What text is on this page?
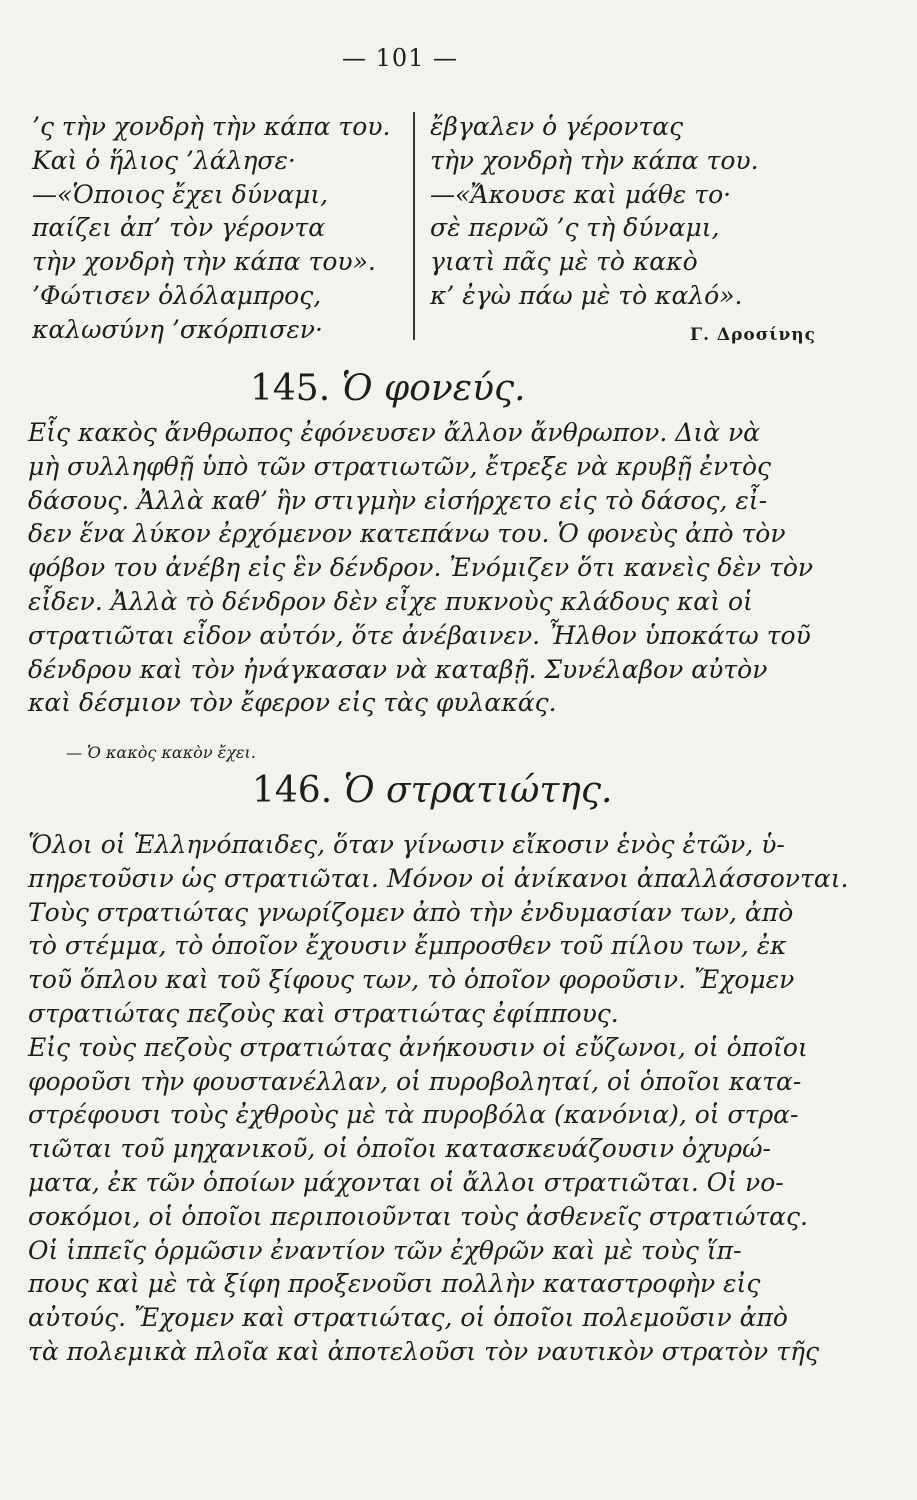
— 101 —
’ς τὴν χονδρὴ τὴν κάπα του.
Καὶ ὁ ἥλιος ’λάλησε·
—«Ὁποιος ἔχει δύναμι,
παίζει ἀπ’ τὸν γέροντα
τὴν χονδρὴ τὴν κάπα του».
’Φώτισεν ὁλόλαμπρος,
καλωσύνη ’σκόρπισεν·
ἔβγαλεν ὁ γέροντας
τὴν χονδρὴ τὴν κάπα του.
—«Ἄκουσε καὶ μάθε το·
σὲ περνῶ ’ς τὴ δύναμι,
γιατὶ πᾶς μὲ τὸ κακὸ
κ’ ἐγὼ πάω μὲ τὸ καλό».
Γ. Δροσίνης
145. Ὁ φονεύς.
Εἷς κακὸς ἄνθρωπος ἐφόνευσεν ἄλλον ἄνθρωπον. Διὰ νὰ
μὴ συλληφθῇ ὑπὸ τῶν στρατιωτῶν, ἔτρεξε νὰ κρυβῇ ἐντὸς
δάσους. Ἀλλὰ καθ’ ἣν στιγμὴν εἰσήρχετο εἰς τὸ δάσος, εἶ-
δεν ἕνα λύκον ἐρχόμενον κατεπάνω του. Ὁ φονεὺς ἀπὸ τὸν
φόβον του ἀνέβη εἰς ἓν δένδρον. Ἐνόμιζεν ὅτι κανεὶς δὲν τὸν
εἶδεν. Ἀλλὰ τὸ δένδρον δὲν εἶχε πυκνοὺς κλάδους καὶ οἱ
στρατιῶται εἶδον αὐτόν, ὅτε ἀνέβαινεν. Ἦλθον ὑποκάτω τοῦ
δένδρου καὶ τὸν ἠνάγκασαν νὰ καταβῇ. Συνέλαβον αὐτὸν
καὶ δέσμιον τὸν ἔφερον εἰς τὰς φυλακάς.
— Ὁ κακὸς κακὸν ἔχει.
146. Ὁ στρατιώτης.
Ὅλοι οἱ Ἑλληνόπαιδες, ὅταν γίνωσιν εἴκοσιν ἑνὸς ἐτῶν, ὑ-
πηρετοῦσιν ὡς στρατιῶται. Μόνον οἱ ἀνίκανοι ἀπαλλάσσονται.
Τοὺς στρατιώτας γνωρίζομεν ἀπὸ τὴν ἐνδυμασίαν των, ἀπὸ
τὸ στέμμα, τὸ ὁποῖον ἔχουσιν ἔμπροσθεν τοῦ πίλου των, ἐκ
τοῦ ὅπλου καὶ τοῦ ξίφους των, τὸ ὁποῖον φοροῦσιν. Ἔχομεν
στρατιώτας πεζοὺς καὶ στρατιώτας ἐφίππους.
Εἰς τοὺς πεζοὺς στρατιώτας ἀνήκουσιν οἱ εὔζωνοι, οἱ ὁποῖοι
φοροῦσι τὴν φουστανέλλαν, οἱ πυροβοληταί, οἱ ὁποῖοι κατα-
στρέφουσι τοὺς ἐχθροὺς μὲ τὰ πυροβόλα (κανόνια), οἱ στρα-
τιῶται τοῦ μηχανικοῦ, οἱ ὁποῖοι κατασκευάζουσιν ὀχυρώ-
ματα, ἐκ τῶν ὁποίων μάχονται οἱ ἄλλοι στρατιῶται. Οἱ νο-
σοκόμοι, οἱ ὁποῖοι περιποιοῦνται τοὺς ἀσθενεῖς στρατιώτας.
Οἱ ἱππεῖς ὁρμῶσιν ἐναντίον τῶν ἐχθρῶν καὶ μὲ τοὺς ἵπ-
πους καὶ μὲ τὰ ξίφη προξενοῦσι πολλὴν καταστροφὴν εἰς
αὐτούς. Ἔχομεν καὶ στρατιώτας, οἱ ὁποῖοι πολεμοῦσιν ἀπὸ
τὰ πολεμικὰ πλοῖα καὶ ἀποτελοῦσι τὸν ναυτικὸν στρατὸν τῆς
